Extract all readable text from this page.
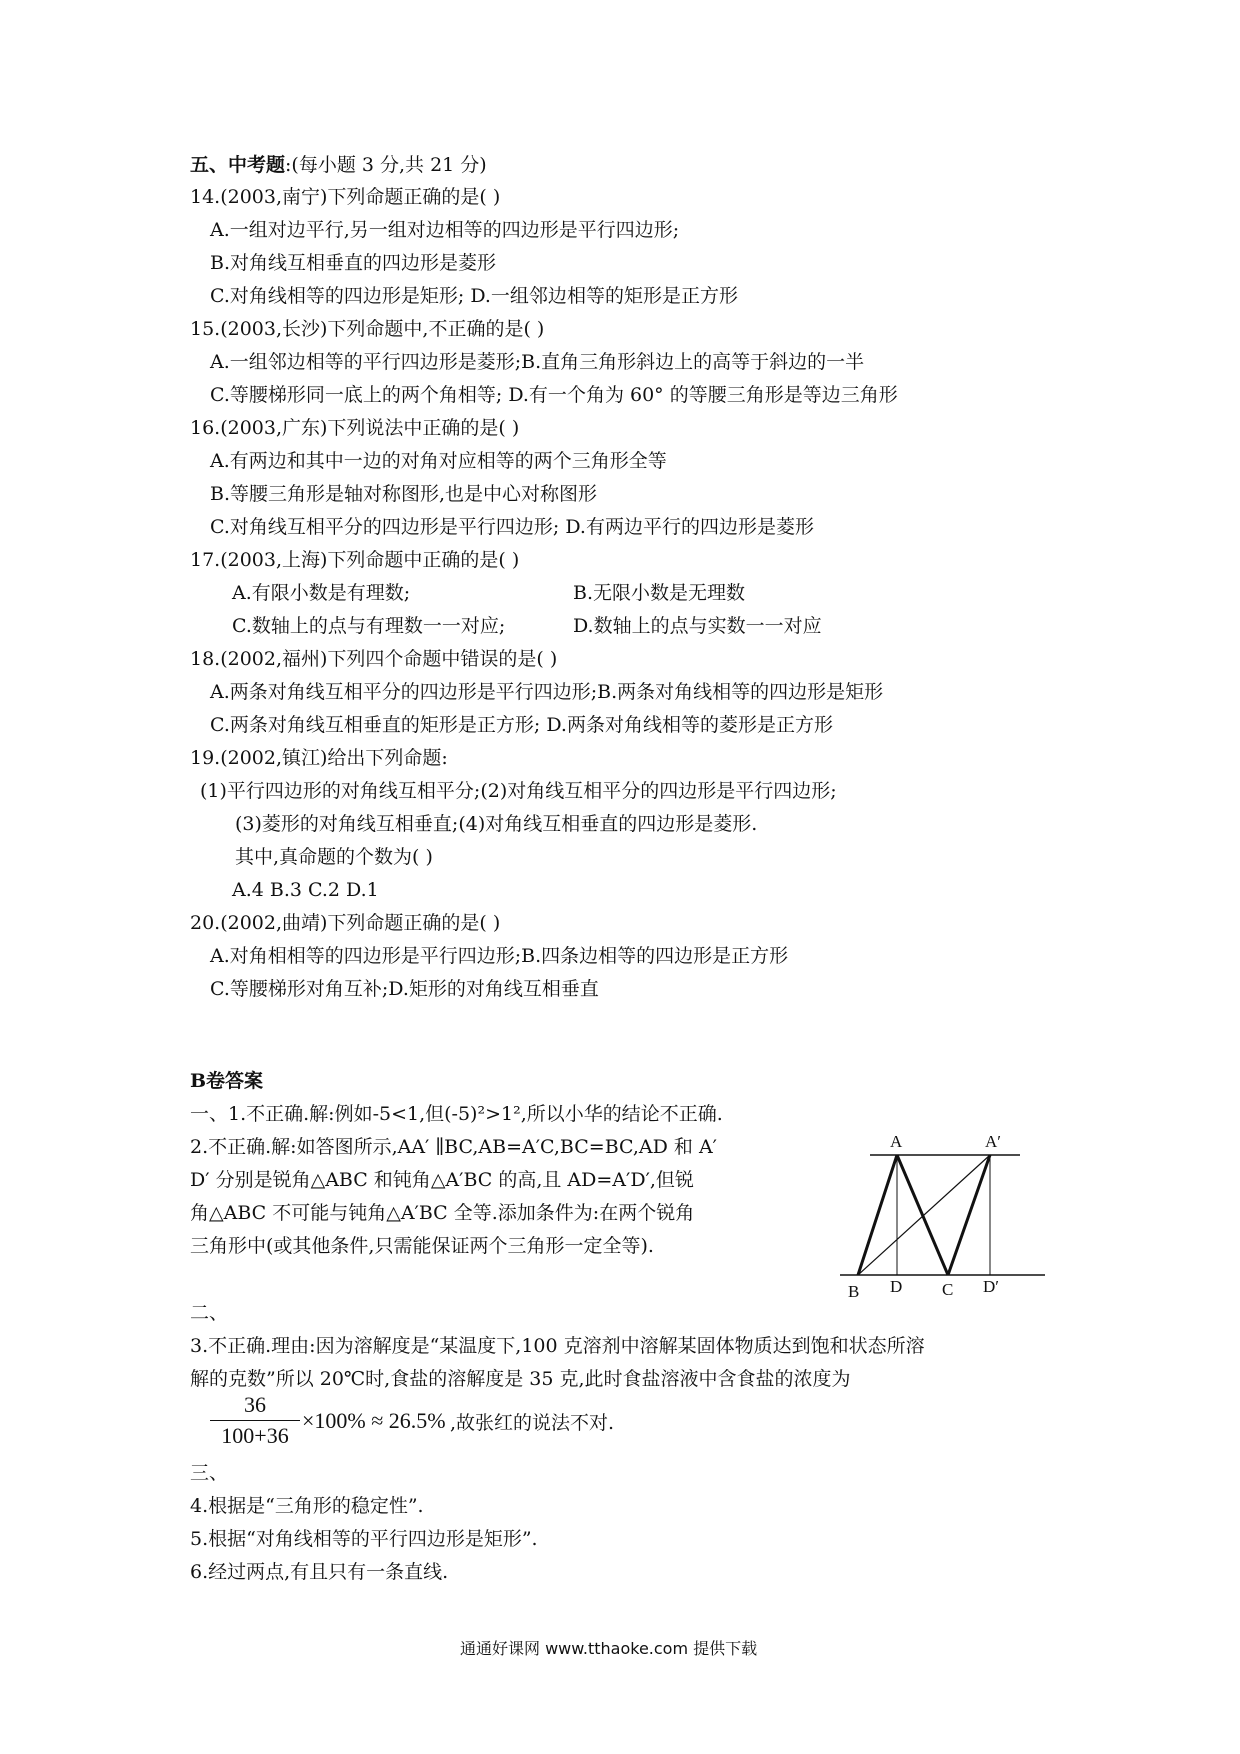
五、中考题:(每小题 3 分,共 21 分)
14.(2003,南宁)下列命题正确的是( )
A.一组对边平行,另一组对边相等的四边形是平行四边形;
B.对角线互相垂直的四边形是菱形
C.对角线相等的四边形是矩形; D.一组邻边相等的矩形是正方形
15.(2003,长沙)下列命题中,不正确的是( )
A.一组邻边相等的平行四边形是菱形;B.直角三角形斜边上的高等于斜边的一半
C.等腰梯形同一底上的两个角相等; D.有一个角为 60° 的等腰三角形是等边三角形
16.(2003,广东)下列说法中正确的是( )
A.有两边和其中一边的对角对应相等的两个三角形全等
B.等腰三角形是轴对称图形,也是中心对称图形
C.对角线互相平分的四边形是平行四边形; D.有两边平行的四边形是菱形
17.(2003,上海)下列命题中正确的是( )
A.有限小数是有理数;	B.无限小数是无理数
C.数轴上的点与有理数一一对应;	D.数轴上的点与实数一一对应
18.(2002,福州)下列四个命题中错误的是( )
A.两条对角线互相平分的四边形是平行四边形;B.两条对角线相等的四边形是矩形
C.两条对角线互相垂直的矩形是正方形; D.两条对角线相等的菱形是正方形
19.(2002,镇江)给出下列命题:
(1)平行四边形的对角线互相平分;(2)对角线互相平分的四边形是平行四边形;
(3)菱形的对角线互相垂直;(4)对角线互相垂直的四边形是菱形.
其中,真命题的个数为( )
A.4 B.3 C.2 D.1
20.(2002,曲靖)下列命题正确的是( )
A.对角相相等的四边形是平行四边形;B.四条边相等的四边形是正方形
C.等腰梯形对角互补;D.矩形的对角线互相垂直
B卷答案
一、1.不正确.解:例如-5<1,但(-5)²>1²,所以小华的结论不正确.
2.不正确.解:如答图所示,AA′ ∥BC,AB=A′C,BC=BC,AD 和 A′
D′ 分别是锐角△ABC 和钝角△A′BC 的高,且 AD=A′D′,但锐
角△ABC 不可能与钝角△A′BC 全等.添加条件为:在两个锐角
三角形中(或其他条件,只需能保证两个三角形一定全等).
A	A′
B D C D′
二、
3.不正确.理由:因为溶解度是“某温度下,100 克溶剂中溶解某固体物质达到饱和状态所溶
解的克数”所以 20℃时,食盐的溶解度是 35 克,此时食盐溶液中含食盐的浓度为
36
100+36
×100% ≈ 26.5% ,故张红的说法不对.
三、
4.根据是“三角形的稳定性”.
5.根据“对角线相等的平行四边形是矩形”.
6.经过两点,有且只有一条直线.
通通好课网 www.tthaoke.com 提供下载
